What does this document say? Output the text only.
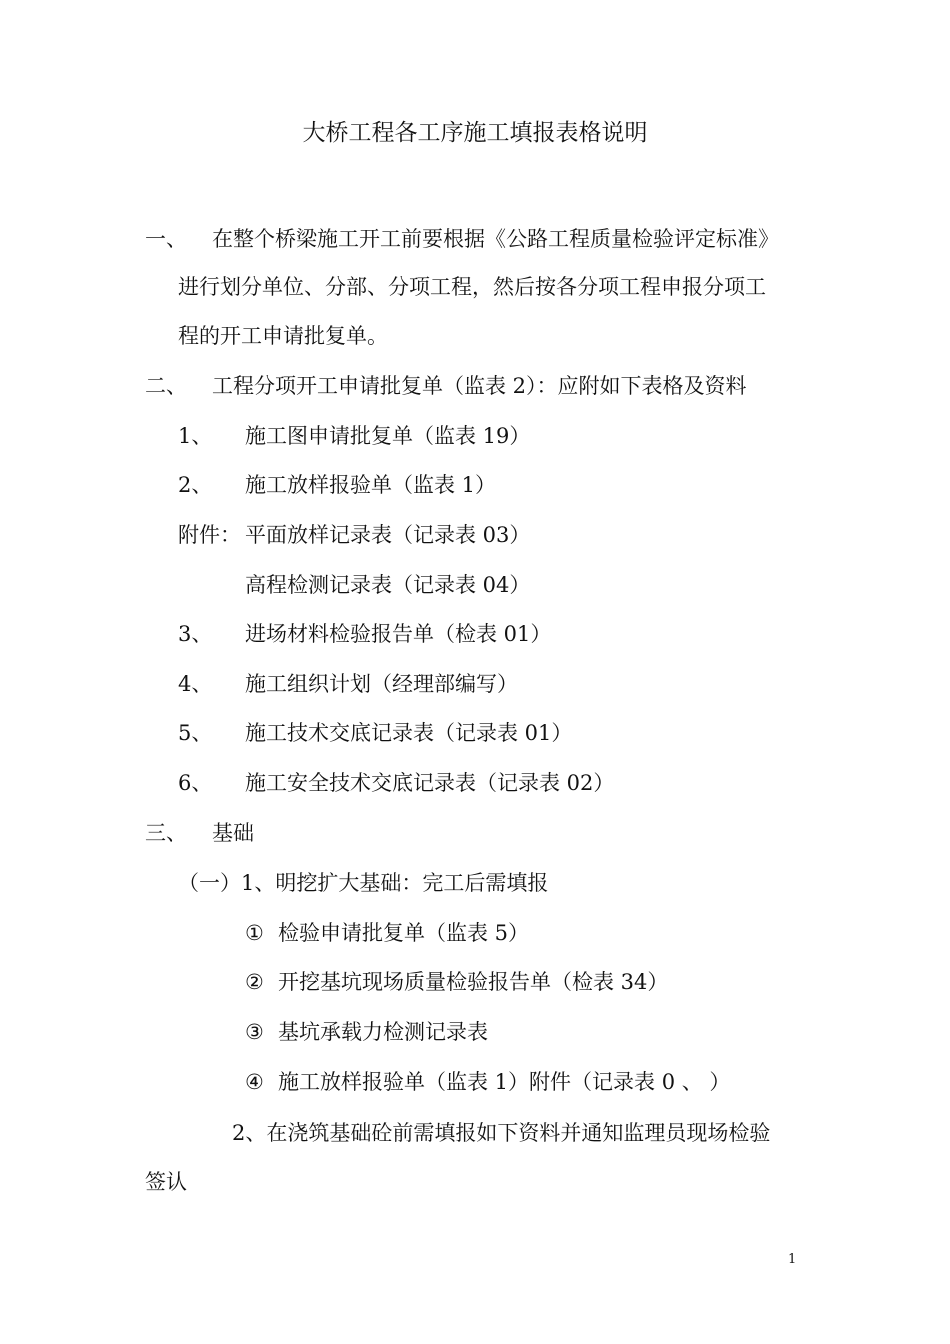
大桥工程各工序施工填报表格说明
一、 在整个桥梁施工开工前要根据《公路工程质量检验评定标准》
进行划分单位、分部、分项工程，然后按各分项工程申报分项工
程的开工申请批复单。
二、 工程分项开工申请批复单（监表 2）：应附如下表格及资料
1、 施工图申请批复单（监表 19）
2、 施工放样报验单（监表 1）
附件： 平面放样记录表（记录表 03）
高程检测记录表（记录表 04）
3、 进场材料检验报告单（检表 01）
4、 施工组织计划（经理部编写）
5、 施工技术交底记录表（记录表 01）
6、 施工安全技术交底记录表（记录表 02）
三、 基础
（一）1、明挖扩大基础：完工后需填报
① 检验申请批复单（监表 5）
② 开挖基坑现场质量检验报告单（检表 34）
③ 基坑承载力检测记录表
④ 施工放样报验单（监表 1）附件（记录表 0 、 ）
2、在浇筑基础砼前需填报如下资料并通知监理员现场检验
签认
1
